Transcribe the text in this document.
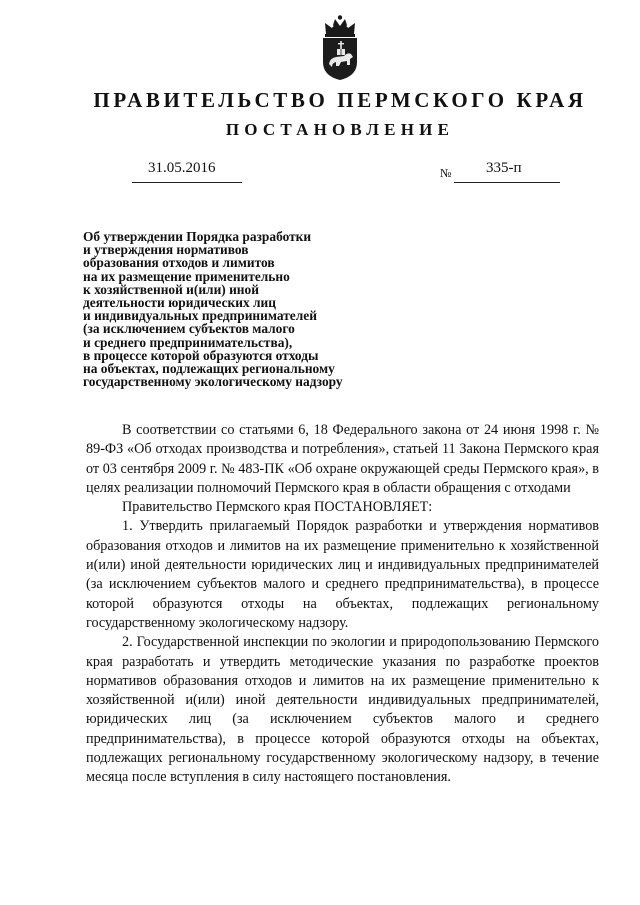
ПРАВИТЕЛЬСТВО ПЕРМСКОГО КРАЯ
ПОСТАНОВЛЕНИЕ
31.05.2016	№ 335-п
Об утверждении Порядка разработки
и утверждения нормативов
образования отходов и лимитов
на их размещение применительно
к хозяйственной и(или) иной
деятельности юридических лиц
и индивидуальных предпринимателей
(за исключением субъектов малого
и среднего предпринимательства),
в процессе которой образуются отходы
на объектах, подлежащих региональному
государственному экологическому надзору

В соответствии со статьями 6, 18 Федерального закона от 24 июня 1998 г. № 89-ФЗ «Об отходах производства и потребления», статьей 11 Закона Пермского края от 03 сентября 2009 г. № 483-ПК «Об охране окружающей среды Пермского края», в целях реализации полномочий Пермского края в области обращения с отходами

Правительство Пермского края ПОСТАНОВЛЯЕТ:

1. Утвердить прилагаемый Порядок разработки и утверждения нормативов образования отходов и лимитов на их размещение применительно к хозяйственной и(или) иной деятельности юридических лиц и индивидуальных предпринимателей (за исключением субъектов малого и среднего предпринимательства), в процессе которой образуются отходы на объектах, подлежащих региональному государственному экологическому надзору.

2. Государственной инспекции по экологии и природопользованию Пермского края разработать и утвердить методические указания по разработке проектов нормативов образования отходов и лимитов на их размещение применительно к хозяйственной и(или) иной деятельности индивидуальных предпринимателей, юридических лиц (за исключением субъектов малого и среднего предпринимательства), в процессе которой образуются отходы на объектах, подлежащих региональному государственному экологическому надзору, в течение месяца после вступления в силу настоящего постановления.
